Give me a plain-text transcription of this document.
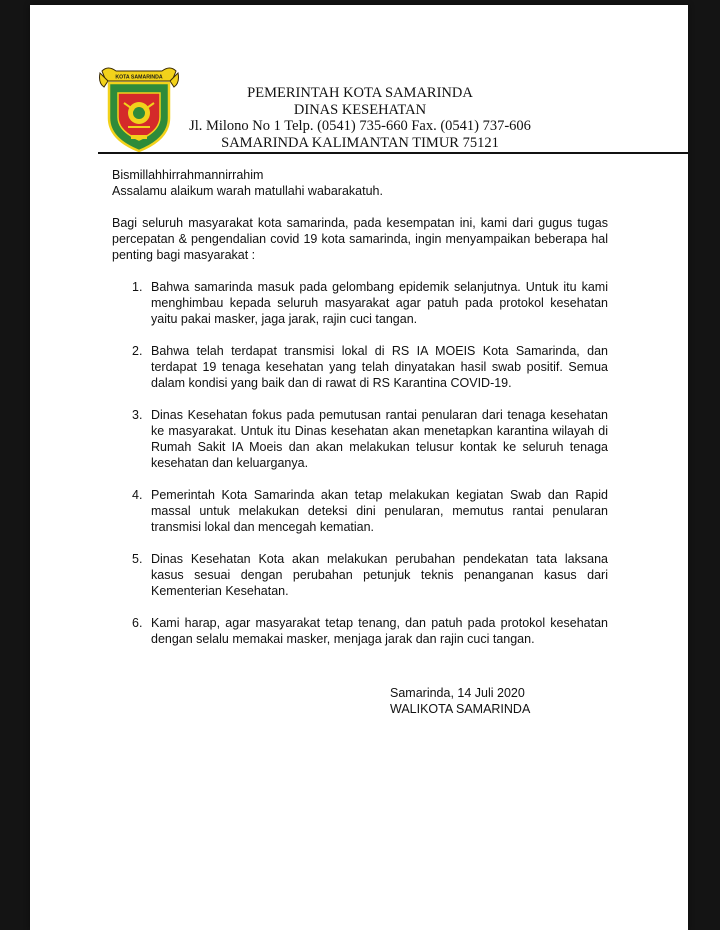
KOTA SAMARINDA
PEMERINTAH KOTA SAMARINDA
DINAS KESEHATAN
Jl. Milono No 1 Telp. (0541) 735-660 Fax. (0541) 737-606
SAMARINDA KALIMANTAN TIMUR 75121

Bismillahhirrahmannirrahim

Assalamu alaikum warah matullahi wabarakatuh.

Bagi seluruh masyarakat kota samarinda, pada kesempatan ini, kami dari gugus tugas percepatan & pengendalian covid 19 kota samarinda, ingin menyampaikan beberapa hal penting bagi masyarakat :

1. Bahwa samarinda masuk pada gelombang epidemik selanjutnya. Untuk itu kami menghimbau kepada seluruh masyarakat agar patuh pada protokol kesehatan yaitu pakai masker, jaga jarak, rajin cuci tangan.
2. Bahwa telah terdapat transmisi lokal di RS IA MOEIS Kota Samarinda, dan terdapat 19 tenaga kesehatan yang telah dinyatakan hasil swab positif. Semua dalam kondisi yang baik dan di rawat di RS Karantina COVID-19.
3. Dinas Kesehatan fokus pada pemutusan rantai penularan dari tenaga kesehatan ke masyarakat. Untuk itu Dinas kesehatan akan menetapkan karantina wilayah di Rumah Sakit IA Moeis dan akan melakukan telusur kontak ke seluruh tenaga kesehatan dan keluarganya.
4. Pemerintah Kota Samarinda akan tetap melakukan kegiatan Swab dan Rapid massal untuk melakukan deteksi dini penularan, memutus rantai penularan transmisi lokal dan mencegah kematian.
5. Dinas Kesehatan Kota akan melakukan perubahan pendekatan tata laksana kasus sesuai dengan perubahan petunjuk teknis penanganan kasus dari Kementerian Kesehatan.
6. Kami harap, agar masyarakat tetap tenang, dan patuh pada protokol kesehatan dengan selalu memakai masker, menjaga jarak dan rajin cuci tangan.
Samarinda, 14 Juli 2020
WALIKOTA SAMARINDA
